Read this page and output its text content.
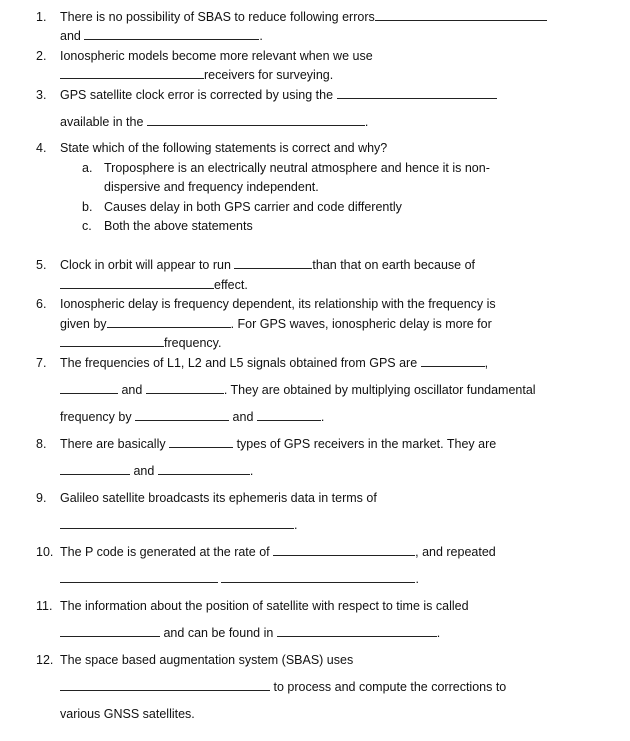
1. There is no possibility of SBAS to reduce following errors
and	.
2. Ionospheric models become more relevant when we use
receivers for surveying.
3. GPS satellite clock error is corrected by using the
available in the	.
4. State which of the following statements is correct and why?
a. Troposphere is an electrically neutral atmosphere and hence it is non-
dispersive and frequency independent.
b. Causes delay in both GPS carrier and code differently
c. Both the above statements
5. Clock in orbit will appear to run	than that on earth because of
effect.
6. Ionospheric delay is frequency dependent, its relationship with the frequency is
given by	. For GPS waves, ionospheric delay is more for
frequency.
7. The frequencies of L1, L2 and L5 signals obtained from GPS are	,
and	. They are obtained by multiplying oscillator fundamental
frequency by	and	.
8. There are basically	types of GPS receivers in the market. They are
and	.
9. Galileo satellite broadcasts its ephemeris data in terms of
.
10. The P code is generated at the rate of	, and repeated
.
11. The information about the position of satellite with respect to time is called
and can be found in	.
12. The space based augmentation system (SBAS) uses
to process and compute the corrections to
various GNSS satellites.
